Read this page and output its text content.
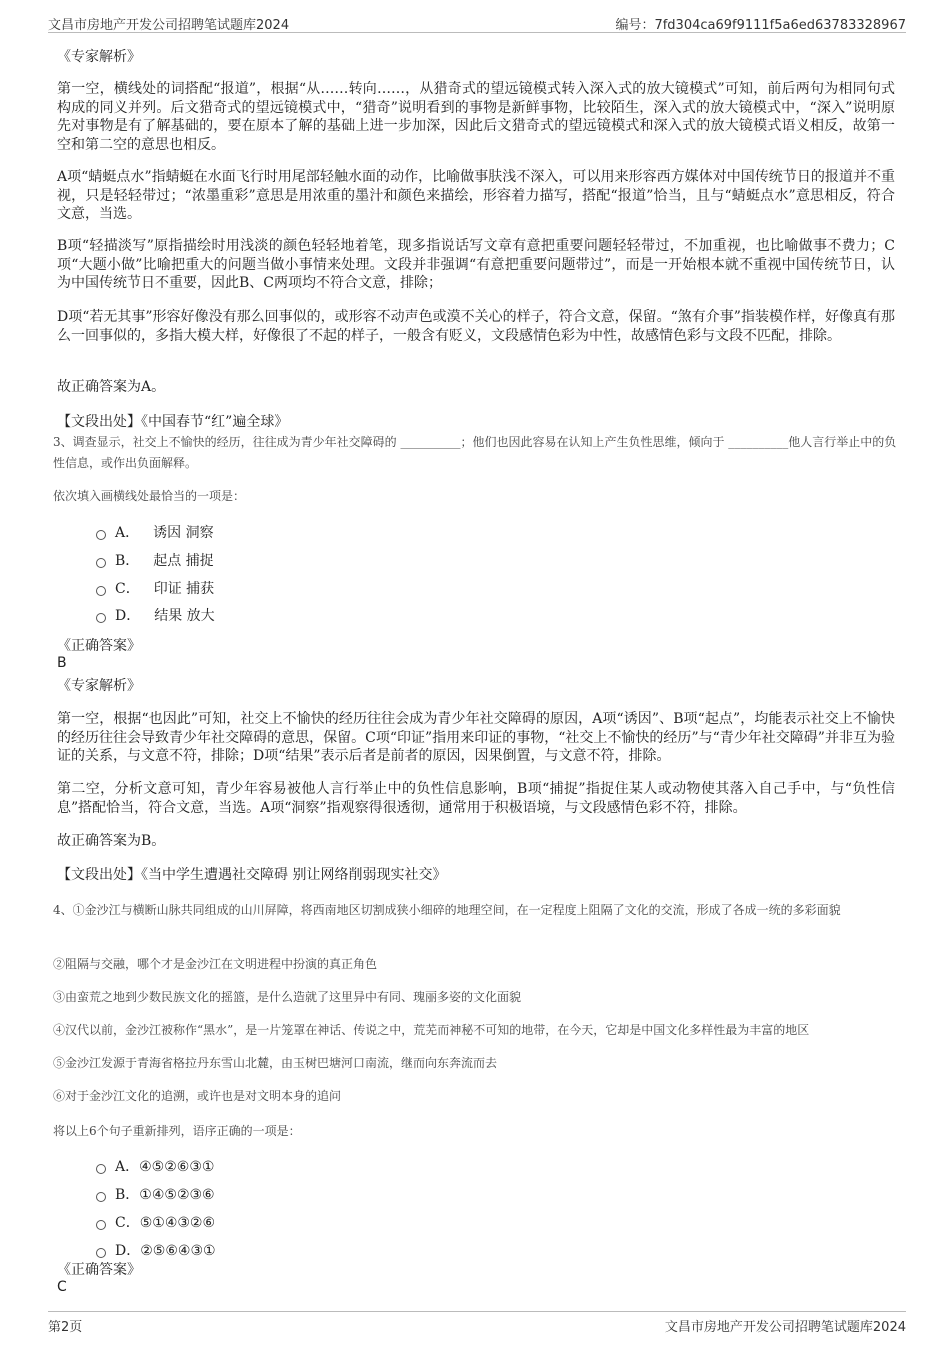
文昌市房地产开发公司招聘笔试题库2024	编号：7fd304ca69f9111f5a6ed63783328967
《专家解析》
第一空，横线处的词搭配“报道”，根据“从……转向……，从猎奇式的望远镜模式转入深入式的放大镜模式”可知，前后两句为相同句式构成的同义并列。后文猎奇式的望远镜模式中，“猎奇”说明看到的事物是新鲜事物，比较陌生，深入式的放大镜模式中，“深入”说明原先对事物是有了解基础的，要在原本了解的基础上进一步加深，因此后文猎奇式的望远镜模式和深入式的放大镜模式语义相反，故第一空和第二空的意思也相反。
A项“蜻蜓点水”指蜻蜓在水面飞行时用尾部轻触水面的动作，比喻做事肤浅不深入，可以用来形容西方媒体对中国传统节日的报道并不重视，只是轻轻带过；“浓墨重彩”意思是用浓重的墨汁和颜色来描绘，形容着力描写，搭配“报道”恰当，且与“蜻蜓点水”意思相反，符合文意，当选。
B项“轻描淡写”原指描绘时用浅淡的颜色轻轻地着笔，现多指说话写文章有意把重要问题轻轻带过，不加重视，也比喻做事不费力；C项“大题小做”比喻把重大的问题当做小事情来处理。文段并非强调“有意把重要问题带过”，而是一开始根本就不重视中国传统节日，认为中国传统节日不重要，因此B、C两项均不符合文意，排除；
D项“若无其事”形容好像没有那么回事似的，或形容不动声色或漠不关心的样子，符合文意，保留。“煞有介事”指装模作样，好像真有那么一回事似的，多指大模大样，好像很了不起的样子，一般含有贬义，文段感情色彩为中性，故感情色彩与文段不匹配，排除。
故正确答案为A。
【文段出处】《中国春节“红”遍全球》
3、调查显示，社交上不愉快的经历，往往成为青少年社交障碍的 __________；他们也因此容易在认知上产生负性思维，倾向于 __________他人言行举止中的负性信息，或作出负面解释。
依次填入画横线处最恰当的一项是：
A． 诱因 洞察
B． 起点 捕捉
C． 印证 捕获
D． 结果 放大
《正确答案》
B
《专家解析》
第一空，根据“也因此”可知，社交上不愉快的经历往往会成为青少年社交障碍的原因，A项“诱因”、B项“起点”，均能表示社交上不愉快的经历往往会导致青少年社交障碍的意思，保留。C项“印证”指用来印证的事物，“社交上不愉快的经历”与“青少年社交障碍”并非互为验证的关系，与文意不符，排除；D项“结果”表示后者是前者的原因，因果倒置，与文意不符，排除。
第二空，分析文意可知，青少年容易被他人言行举止中的负性信息影响，B项“捕捉”指捉住某人或动物使其落入自己手中，与“负性信息”搭配恰当，符合文意，当选。A项“洞察”指观察得很透彻，通常用于积极语境，与文段感情色彩不符，排除。
故正确答案为B。
【文段出处】《当中学生遭遇社交障碍 别让网络削弱现实社交》
4、①金沙江与横断山脉共同组成的山川屏障，将西南地区切割成狭小细碎的地理空间，在一定程度上阻隔了文化的交流，形成了各成一统的多彩面貌
②阻隔与交融，哪个才是金沙江在文明进程中扮演的真正角色
③由蛮荒之地到少数民族文化的摇篮，是什么造就了这里异中有同、瑰丽多姿的文化面貌
④汉代以前，金沙江被称作“黑水”，是一片笼罩在神话、传说之中，荒芜而神秘不可知的地带，在今天，它却是中国文化多样性最为丰富的地区
⑤金沙江发源于青海省格拉丹东雪山北麓，由玉树巴塘河口南流，继而向东奔流而去
⑥对于金沙江文化的追溯，或许也是对文明本身的追问
将以上6个句子重新排列，语序正确的一项是：
A． ④⑤②⑥③①
B． ①④⑤②③⑥
C． ⑤①④③②⑥
D． ②⑤⑥④③①
《正确答案》
C
第2页	文昌市房地产开发公司招聘笔试题库2024
